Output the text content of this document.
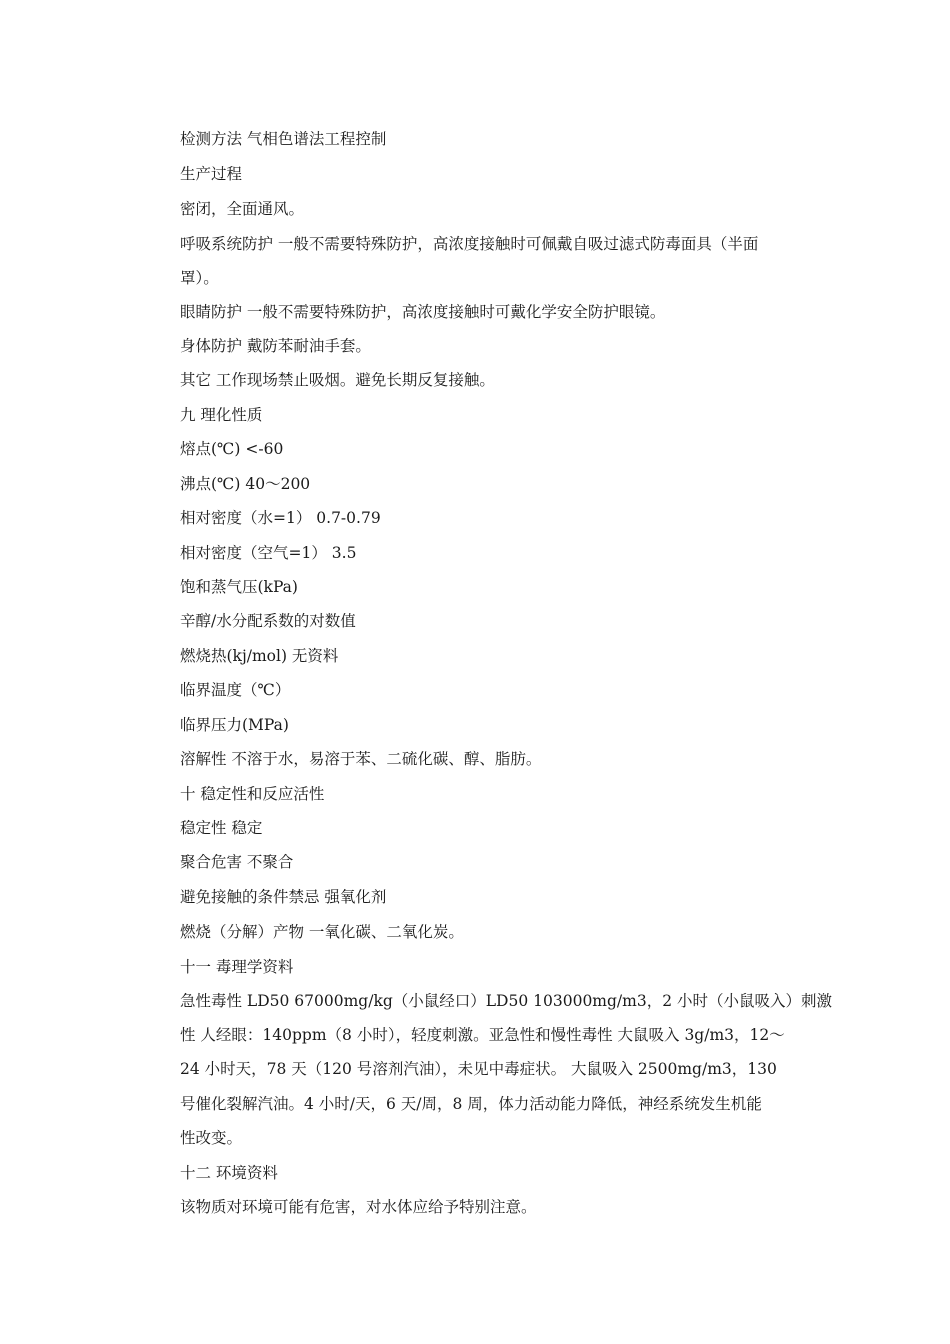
检测方法 气相色谱法工程控制
生产过程
密闭，全面通风。
呼吸系统防护 一般不需要特殊防护，高浓度接触时可佩戴自吸过滤式防毒面具（半面
罩）。
眼睛防护 一般不需要特殊防护，高浓度接触时可戴化学安全防护眼镜。
身体防护 戴防苯耐油手套。
其它 工作现场禁止吸烟。避免长期反复接触。
九 理化性质
熔点(℃) <-60
沸点(℃) 40～200
相对密度（水=1） 0.7-0.79
相对密度（空气=1） 3.5
饱和蒸气压(kPa)
辛醇/水分配系数的对数值
燃烧热(kj/mol) 无资料
临界温度（℃）
临界压力(MPa)
溶解性 不溶于水，易溶于苯、二硫化碳、醇、脂肪。
十 稳定性和反应活性
稳定性 稳定
聚合危害 不聚合
避免接触的条件禁忌 强氧化剂
燃烧（分解）产物 一氧化碳、二氧化炭。
十一 毒理学资料
急性毒性 LD50 67000mg/kg（小鼠经口）LD50 103000mg/m3，2 小时（小鼠吸入）刺激
性 人经眼：140ppm（8 小时），轻度刺激。亚急性和慢性毒性 大鼠吸入 3g/m3，12～
24 小时天，78 天（120 号溶剂汽油），未见中毒症状。 大鼠吸入 2500mg/m3，130
号催化裂解汽油。4 小时/天，6 天/周，8 周，体力活动能力降低，神经系统发生机能
性改变。
十二 环境资料
该物质对环境可能有危害，对水体应给予特别注意。
